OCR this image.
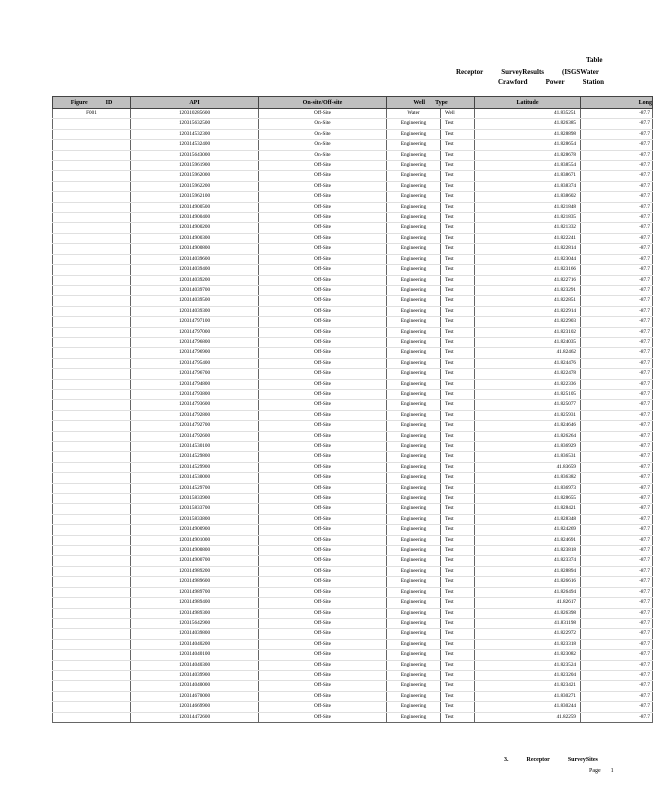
Table
Receptor	SurveyResults	(ISGSWater
Crawford	Power	Station
Figure ID	API	On-site/Off-site	Well Type		Latitude	Long
F001	120310285600	Off-Site	Water	Well	41.835251	-87.7
	120315632500	On-Site	Engineering	Test	41.826385	-87.7
	120314532300	On-Site	Engineering	Test	41.828898	-87.7
	120314532400	On-Site	Engineering	Test	41.828654	-87.7
	120315643000	On-Site	Engineering	Test	41.828678	-87.7
	120315961900	Off-Site	Engineering	Test	41.838554	-87.7
	120315962000	Off-Site	Engineering	Test	41.838671	-87.7
	120315962200	Off-Site	Engineering	Test	41.838374	-87.7
	120315962100	Off-Site	Engineering	Test	41.838602	-87.7
	120314900500	Off-Site	Engineering	Test	41.821848	-87.7
	120314900400	Off-Site	Engineering	Test	41.821835	-87.7
	120314900200	Off-Site	Engineering	Test	41.821332	-87.7
	120314900300	Off-Site	Engineering	Test	41.822241	-87.7
	120314900800	Off-Site	Engineering	Test	41.822814	-87.7
	120314039600	Off-Site	Engineering	Test	41.823044	-87.7
	120314039400	Off-Site	Engineering	Test	41.823166	-87.7
	120314039200	Off-Site	Engineering	Test	41.822716	-87.7
	120314039700	Off-Site	Engineering	Test	41.823291	-87.7
	120314039500	Off-Site	Engineering	Test	41.822851	-87.7
	120314039300	Off-Site	Engineering	Test	41.822914	-87.7
	120314797100	Off-Site	Engineering	Test	41.822903	-87.7
	120314797000	Off-Site	Engineering	Test	41.823102	-87.7
	120314796800	Off-Site	Engineering	Test	41.824035	-87.7
	120314796900	Off-Site	Engineering	Test	41.82462	-87.7
	120314795400	Off-Site	Engineering	Test	41.824476	-87.7
	120314796700	Off-Site	Engineering	Test	41.822478	-87.7
	120314794800	Off-Site	Engineering	Test	41.822336	-87.7
	120314793800	Off-Site	Engineering	Test	41.825105	-87.7
	120314793600	Off-Site	Engineering	Test	41.825077	-87.7
	120314792800	Off-Site	Engineering	Test	41.825931	-87.7
	120314792700	Off-Site	Engineering	Test	41.824646	-87.7
	120314792600	Off-Site	Engineering	Test	41.826264	-87.7
	120314530100	Off-Site	Engineering	Test	41.836929	-87.7
	120314529800	Off-Site	Engineering	Test	41.836531	-87.7
	120314529900	Off-Site	Engineering	Test	41.83659	-87.7
	120314530000	Off-Site	Engineering	Test	41.836382	-87.7
	120314529700	Off-Site	Engineering	Test	41.836973	-87.7
	120315833900	Off-Site	Engineering	Test	41.828655	-87.7
	120315833700	Off-Site	Engineering	Test	41.828421	-87.7
	120315833800	Off-Site	Engineering	Test	41.828348	-87.7
	120314900900	Off-Site	Engineering	Test	41.824269	-87.7
	120314901000	Off-Site	Engineering	Test	41.824691	-87.7
	120314900800	Off-Site	Engineering	Test	41.823818	-87.7
	120314900700	Off-Site	Engineering	Test	41.823374	-87.7
	120314989200	Off-Site	Engineering	Test	41.828894	-87.7
	120314989600	Off-Site	Engineering	Test	41.826616	-87.7
	120314989700	Off-Site	Engineering	Test	41.826494	-87.7
	120314989400	Off-Site	Engineering	Test	41.82617	-87.7
	120314989300	Off-Site	Engineering	Test	41.826398	-87.7
	120315642900	Off-Site	Engineering	Test	41.831198	-87.7
	120314039800	Off-Site	Engineering	Test	41.822972	-87.7
	120314040200	Off-Site	Engineering	Test	41.823318	-87.7
	120314040100	Off-Site	Engineering	Test	41.823082	-87.7
	120314040300	Off-Site	Engineering	Test	41.823524	-87.7
	120314039900	Off-Site	Engineering	Test	41.823204	-87.7
	120314040000	Off-Site	Engineering	Test	41.823421	-87.7
	120314670000	Off-Site	Engineering	Test	41.830271	-87.7
	120314669900	Off-Site	Engineering	Test	41.830244	-87.7
	120314472600	Off-Site	Engineering	Test	41.82259	-87.7
3.	Receptor	SurveySites
Page 1
